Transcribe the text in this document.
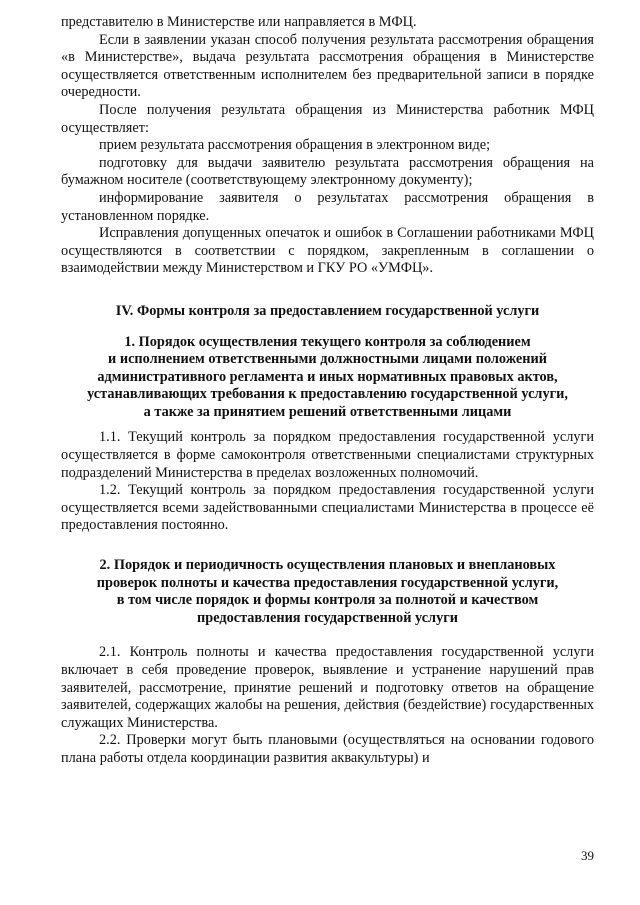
представителю в Министерстве или направляется в МФЦ.

Если в заявлении указан способ получения результата рассмотрения обращения «в Министерстве», выдача результата рассмотрения обращения в Министерстве осуществляется ответственным исполнителем без предварительной записи в порядке очередности.

После получения результата обращения из Министерства работник МФЦ осуществляет:

прием результата рассмотрения обращения в электронном виде;

подготовку для выдачи заявителю результата рассмотрения обращения на бумажном носителе (соответствующему электронному документу);

информирование заявителя о результатах рассмотрения обращения в установленном порядке.

Исправления допущенных опечаток и ошибок в Соглашении работниками МФЦ осуществляются в соответствии с порядком, закрепленным в соглашении о взаимодействии между Министерством и ГКУ РО «УМФЦ».

IV. Формы контроля за предоставлением государственной услуги
1. Порядок осуществления текущего контроля за соблюдением
и исполнением ответственными должностными лицами положений
административного регламента и иных нормативных правовых актов,
устанавливающих требования к предоставлению государственной услуги,
а также за принятием решений ответственными лицами

1.1. Текущий контроль за порядком предоставления государственной услуги осуществляется в форме самоконтроля ответственными специалистами структурных подразделений Министерства в пределах возложенных полномочий.

1.2. Текущий контроль за порядком предоставления государственной услуги осуществляется всеми задействованными специалистами Министерства в процессе её предоставления постоянно.

2. Порядок и периодичность осуществления плановых и внеплановых
проверок полноты и качества предоставления государственной услуги,
в том числе порядок и формы контроля за полнотой и качеством
предоставления государственной услуги

2.1. Контроль полноты и качества предоставления государственной услуги включает в себя проведение проверок, выявление и устранение нарушений прав заявителей, рассмотрение, принятие решений и подготовку ответов на обращение заявителей, содержащих жалобы на решения, действия (бездействие) государственных служащих Министерства.

2.2. Проверки могут быть плановыми (осуществляться на основании годового плана работы отдела координации развития аквакультуры) и

39
